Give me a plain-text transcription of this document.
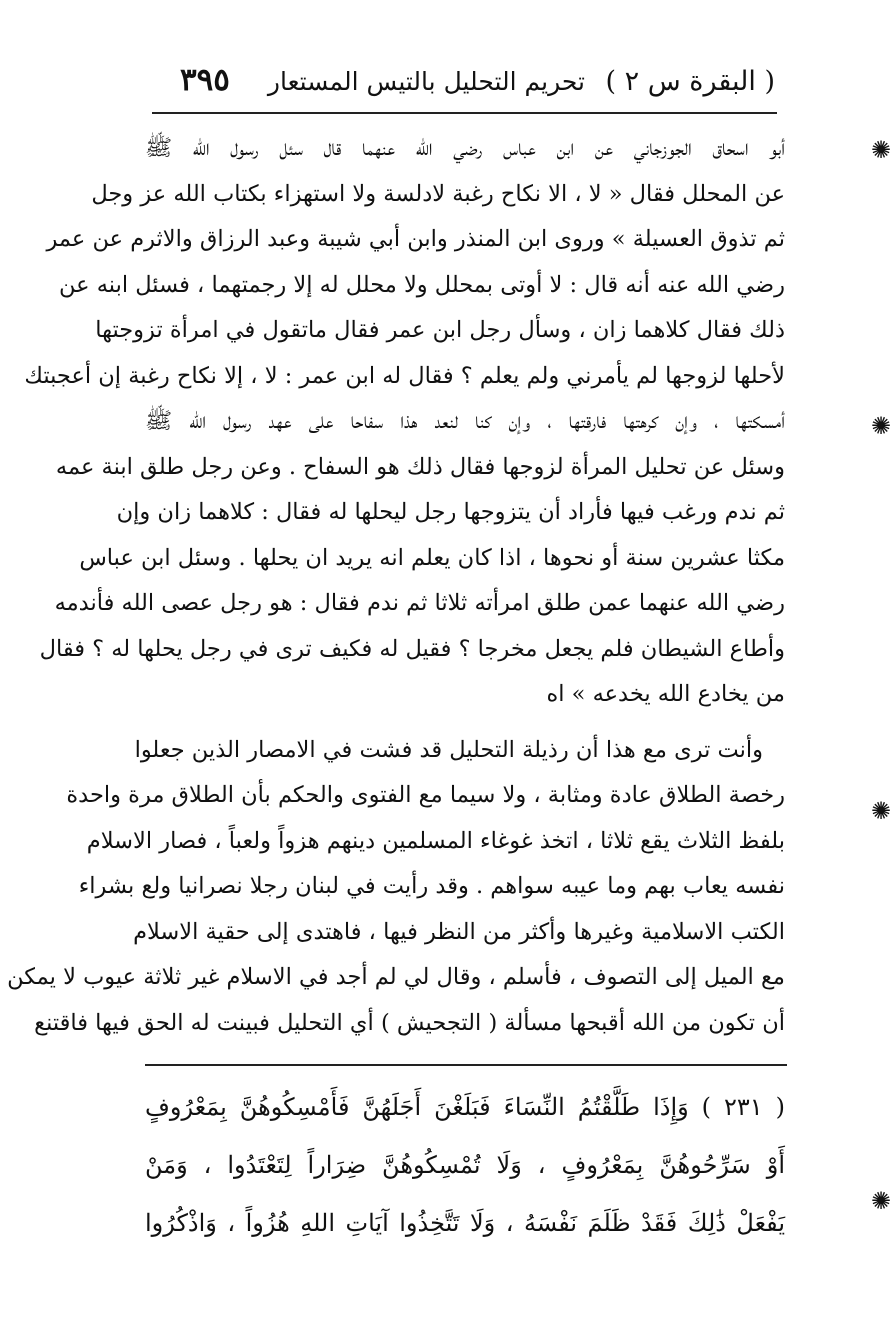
( البقرة س ٢ )
تحريم التحليل بالتيس المستعار
٣٩٥
أبو اسحاق الجوزجاني عن ابن عباس رضي الله عنهما قال سئل رسول الله ﷺ
عن المحلل فقال « لا ، الا نكاح رغبة لادلسة ولا استهزاء بكتاب الله عز وجل
ثم تذوق العسيلة » وروى ابن المنذر وابن أبي شيبة وعبد الرزاق والاثرم عن عمر
رضي الله عنه أنه قال : لا أوتى بمحلل ولا محلل له إلا رجمتهما ، فسئل ابنه عن
ذلك فقال كلاهما زان ، وسأل رجل ابن عمر فقال ماتقول في امرأة تزوجتها
لأحلها لزوجها لم يأمرني ولم يعلم ؟ فقال له ابن عمر : لا ، إلا نكاح رغبة إن أعجبتك
أمسكتها ، وإن كرهتها فارقتها ، وإن كنا لنعد هذا سفاحا على عهد رسول الله ﷺ
وسئل عن تحليل المرأة لزوجها فقال ذلك هو السفاح . وعن رجل طلق ابنة عمه
ثم ندم ورغب فيها فأراد أن يتزوجها رجل ليحلها له فقال : كلاهما زان وإن
مكثا عشرين سنة أو نحوها ، اذا كان يعلم انه يريد ان يحلها . وسئل ابن عباس
رضي الله عنهما عمن طلق امرأته ثلاثا ثم ندم فقال : هو رجل عصى الله فأندمه
وأطاع الشيطان فلم يجعل مخرجا ؟ فقيل له فكيف ترى في رجل يحلها له ؟ فقال
من يخادع الله يخدعه » اه
وأنت ترى مع هذا أن رذيلة التحليل قد فشت في الامصار الذين جعلوا
رخصة الطلاق عادة ومثابة ، ولا سيما مع الفتوى والحكم بأن الطلاق مرة واحدة
بلفظ الثلاث يقع ثلاثا ، اتخذ غوغاء المسلمين دينهم هزواً ولعباً ، فصار الاسلام
نفسه يعاب بهم وما عيبه سواهم . وقد رأيت في لبنان رجلا نصرانيا ولع بشراء
الكتب الاسلامية وغيرها وأكثر من النظر فيها ، فاهتدى إلى حقية الاسلام
مع الميل إلى التصوف ، فأسلم ، وقال لي لم أجد في الاسلام غير ثلاثة عيوب لا يمكن
أن تكون من الله أقبحها مسألة ( التجحيش ) أي التحليل فبينت له الحق فيها فاقتنع
( ٢٣١ ) وَإِذَا طَلَّقْتُمُ النِّسَاءَ فَبَلَغْنَ أَجَلَهُنَّ فَأَمْسِكُوهُنَّ بِمَعْرُوفٍ
أَوْ سَرِّحُوهُنَّ بِمَعْرُوفٍ ، وَلَا تُمْسِكُوهُنَّ ضِرَاراً لِتَعْتَدُوا ، وَمَنْ
يَفْعَلْ ذَٰلِكَ فَقَدْ ظَلَمَ نَفْسَهُ ، وَلَا تَتَّخِذُوا آيَاتِ اللهِ هُزُواً ، وَاذْكُرُوا
✺
✺
✺
✺
